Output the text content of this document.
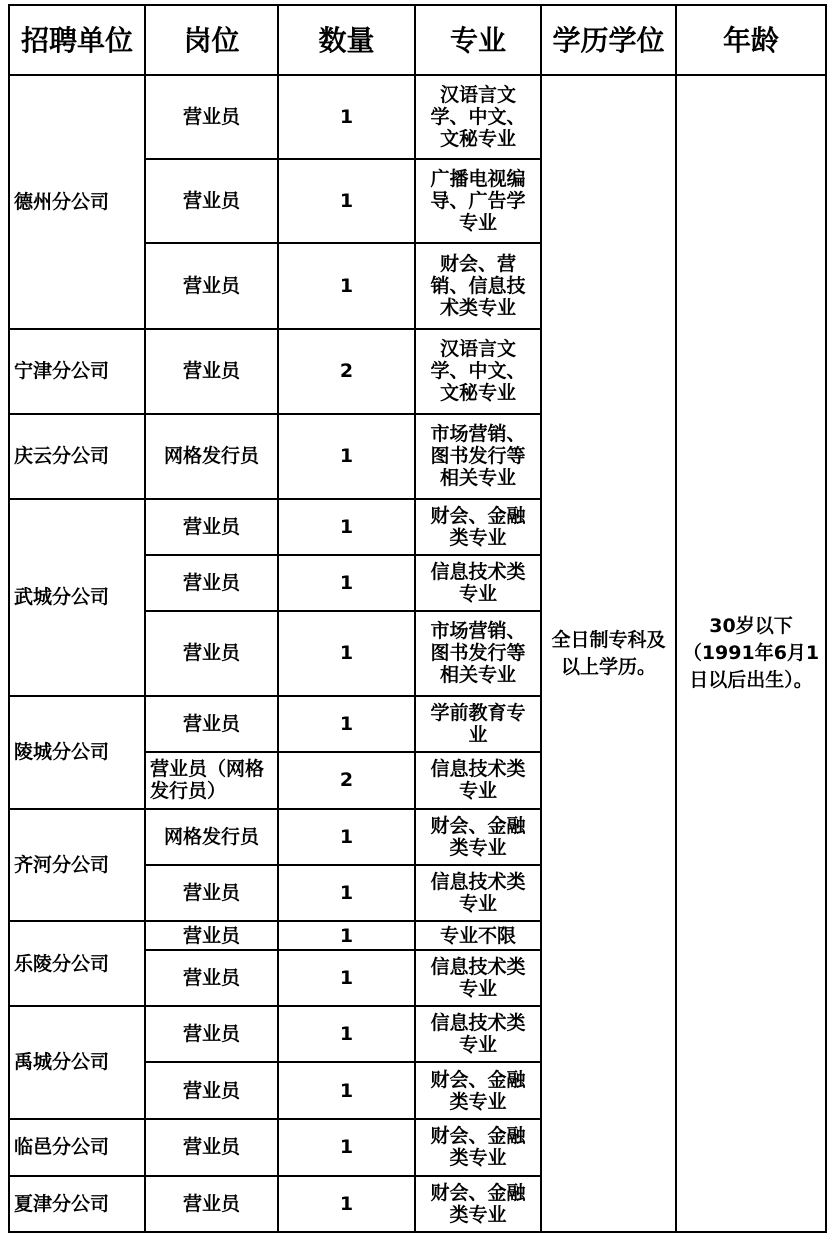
招聘单位	岗位	数量	专业	学历学位	年龄
德州分公司	营业员	1	汉语言文学、中文、文秘专业	全日制专科及以上学历。	30岁以下（1991年6月1日以后出生）。
	营业员	1	广播电视编导、广告学专业		
	营业员	1	财会、营销、信息技术类专业		
宁津分公司	营业员	2	汉语言文学、中文、文秘专业		
庆云分公司	网格发行员	1	市场营销、图书发行等相关专业		
武城分公司	营业员	1	财会、金融类专业		
	营业员	1	信息技术类专业		
	营业员	1	市场营销、图书发行等相关专业		
陵城分公司	营业员	1	学前教育专业		
	营业员（网格发行员）	2	信息技术类专业		
齐河分公司	网格发行员	1	财会、金融类专业		
	营业员	1	信息技术类专业		
乐陵分公司	营业员	1	专业不限		
	营业员	1	信息技术类专业		
禹城分公司	营业员	1	信息技术类专业		
	营业员	1	财会、金融类专业		
临邑分公司	营业员	1	财会、金融类专业		
夏津分公司	营业员	1	财会、金融类专业		
